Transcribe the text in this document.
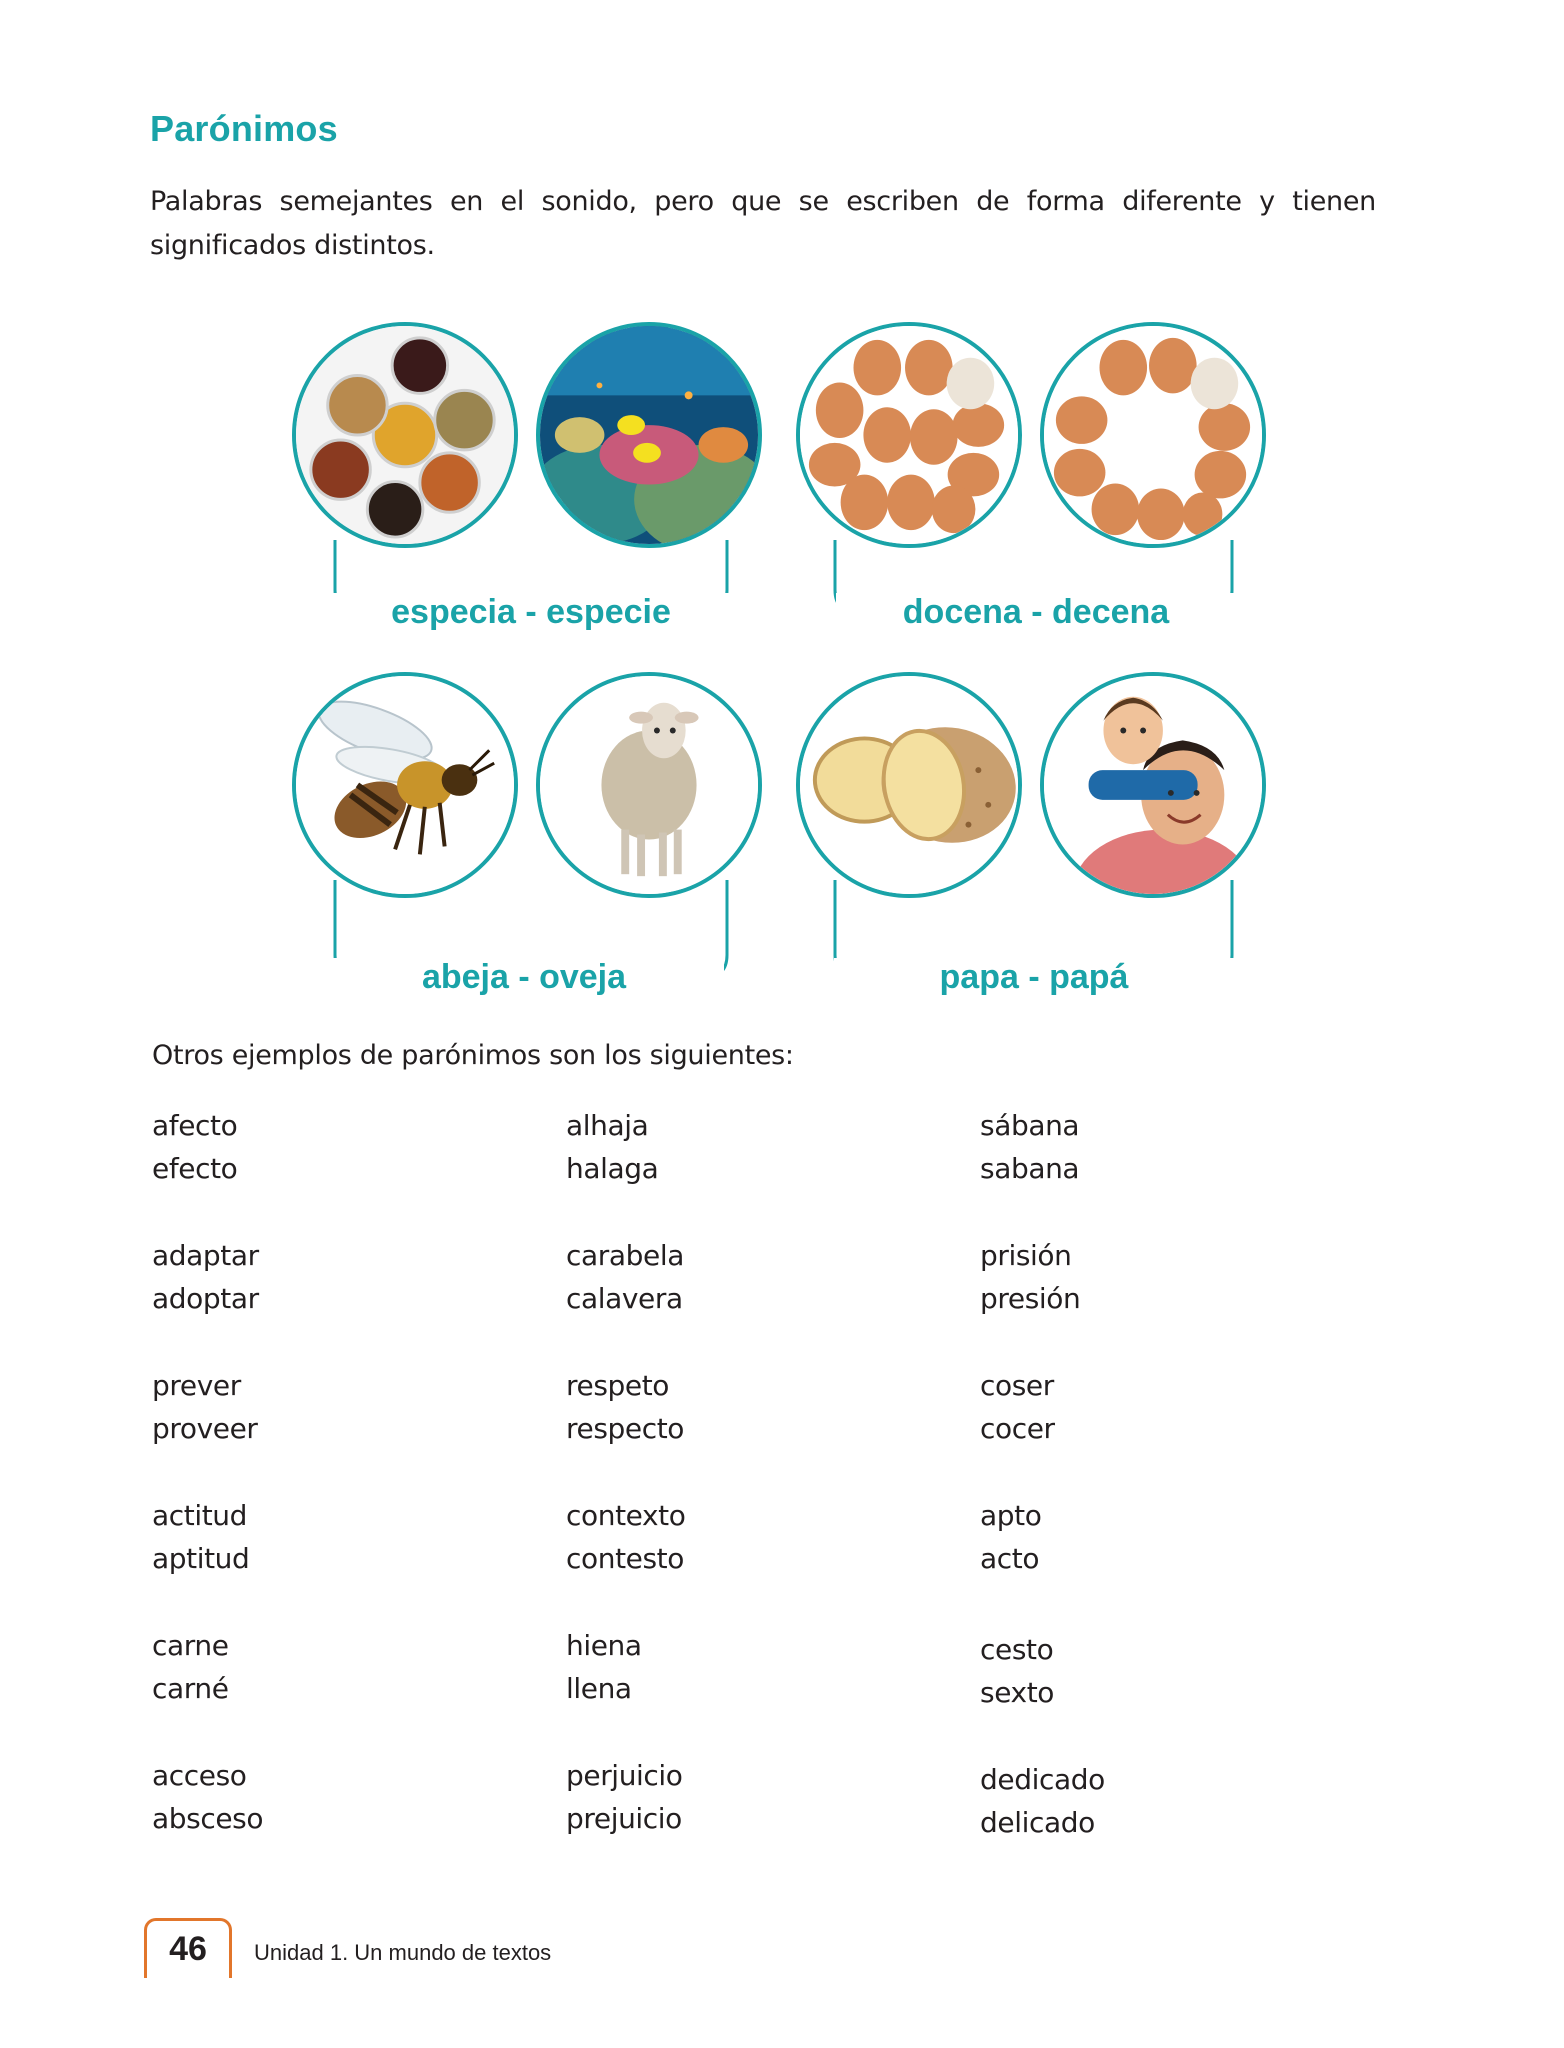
Parónimos
Palabras semejantes en el sonido, pero que se escriben de forma diferente y tienen significados distintos.
especia - especie	docena - decena
abeja - oveja	papa - papá
Otros ejemplos de parónimos son los siguientes:
afecto
efecto
adaptar
adoptar
prever
proveer
actitud
aptitud
carne
carné
acceso
absceso
alhaja
halaga
carabela
calavera
respeto
respecto
contexto
contesto
hiena
llena
perjuicio
prejuicio
sábana
sabana
prisión
presión
coser
cocer
apto
acto
cesto
sexto
dedicado
delicado
46	Unidad 1. Un mundo de textos
